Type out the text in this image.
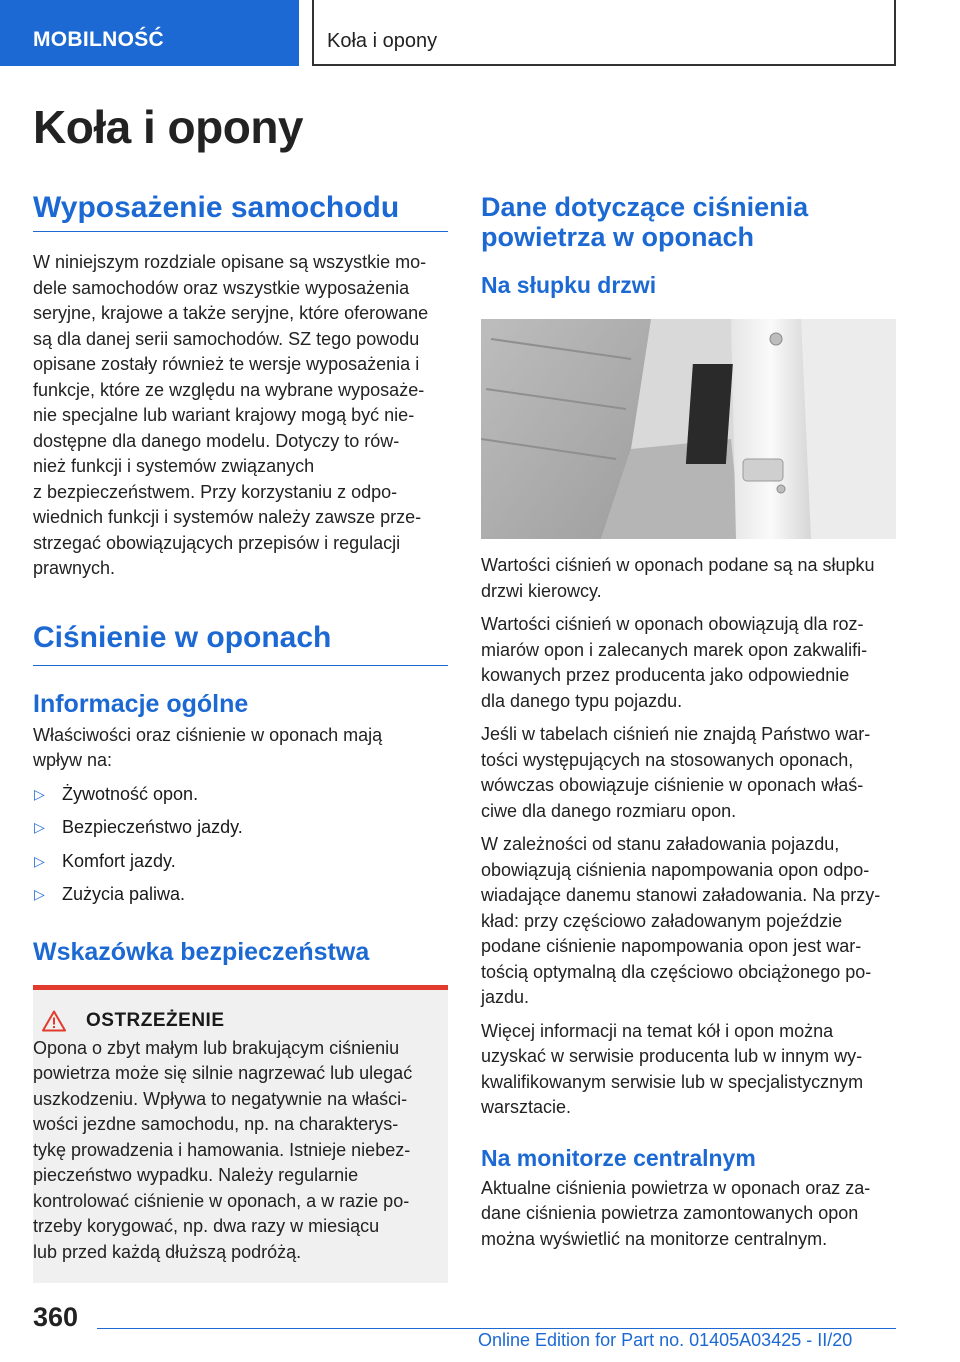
MOBILNOŚĆ	Koła i opony
Koła i opony
Wyposażenie samochodu
W niniejszym rozdziale opisane są wszystkie mo‐
dele samochodów oraz wszystkie wyposażenia
seryjne, krajowe a także seryjne, które oferowane
są dla danej serii samochodów. SZ tego powodu
opisane zostały również te wersje wyposażenia i
funkcje, które ze względu na wybrane wyposaże‐
nie specjalne lub wariant krajowy mogą być nie‐
dostępne dla danego modelu. Dotyczy to rów‐
nież funkcji i systemów związanych
z bezpieczeństwem. Przy korzystaniu z odpo‐
wiednich funkcji i systemów należy zawsze prze‐
strzegać obowiązujących przepisów i regulacji
prawnych.
Ciśnienie w oponach
Informacje ogólne
Właściwości oraz ciśnienie w oponach mają
wpływ na:
▷ Żywotność opon.
▷ Bezpieczeństwo jazdy.
▷ Komfort jazdy.
▷ Zużycia paliwa.
Wskazówka bezpieczeństwa
OSTRZEŻENIE
Opona o zbyt małym lub brakującym ciśnieniu
powietrza może się silnie nagrzewać lub ulegać
uszkodzeniu. Wpływa to negatywnie na właści‐
wości jezdne samochodu, np. na charakterys‐
tykę prowadzenia i hamowania. Istnieje niebez‐
pieczeństwo wypadku. Należy regularnie
kontrolować ciśnienie w oponach, a w razie po‐
trzeby korygować, np. dwa razy w miesiącu
lub przed każdą dłuższą podróżą.
Dane dotyczące ciśnienia
powietrza w oponach
Na słupku drzwi
Wartości ciśnień w oponach podane są na słupku
drzwi kierowcy.
Wartości ciśnień w oponach obowiązują dla roz‐
miarów opon i zalecanych marek opon zakwalifi‐
kowanych przez producenta jako odpowiednie
dla danego typu pojazdu.
Jeśli w tabelach ciśnień nie znajdą Państwo war‐
tości występujących na stosowanych oponach,
wówczas obowiązuje ciśnienie w oponach właś‐
ciwe dla danego rozmiaru opon.
W zależności od stanu załadowania pojazdu,
obowiązują ciśnienia napompowania opon odpo‐
wiadające danemu stanowi załadowania. Na przy‐
kład: przy częściowo załadowanym pojeździe
podane ciśnienie napompowania opon jest war‐
tością optymalną dla częściowo obciążonego po‐
jazdu.
Więcej informacji na temat kół i opon można
uzyskać w serwisie producenta lub w innym wy‐
kwalifikowanym serwisie lub w specjalistycznym
warsztacie.
Na monitorze centralnym
Aktualne ciśnienia powietrza w oponach oraz za‐
dane ciśnienia powietrza zamontowanych opon
można wyświetlić na monitorze centralnym.
360
Online Edition for Part no. 01405A03425 - II/20
